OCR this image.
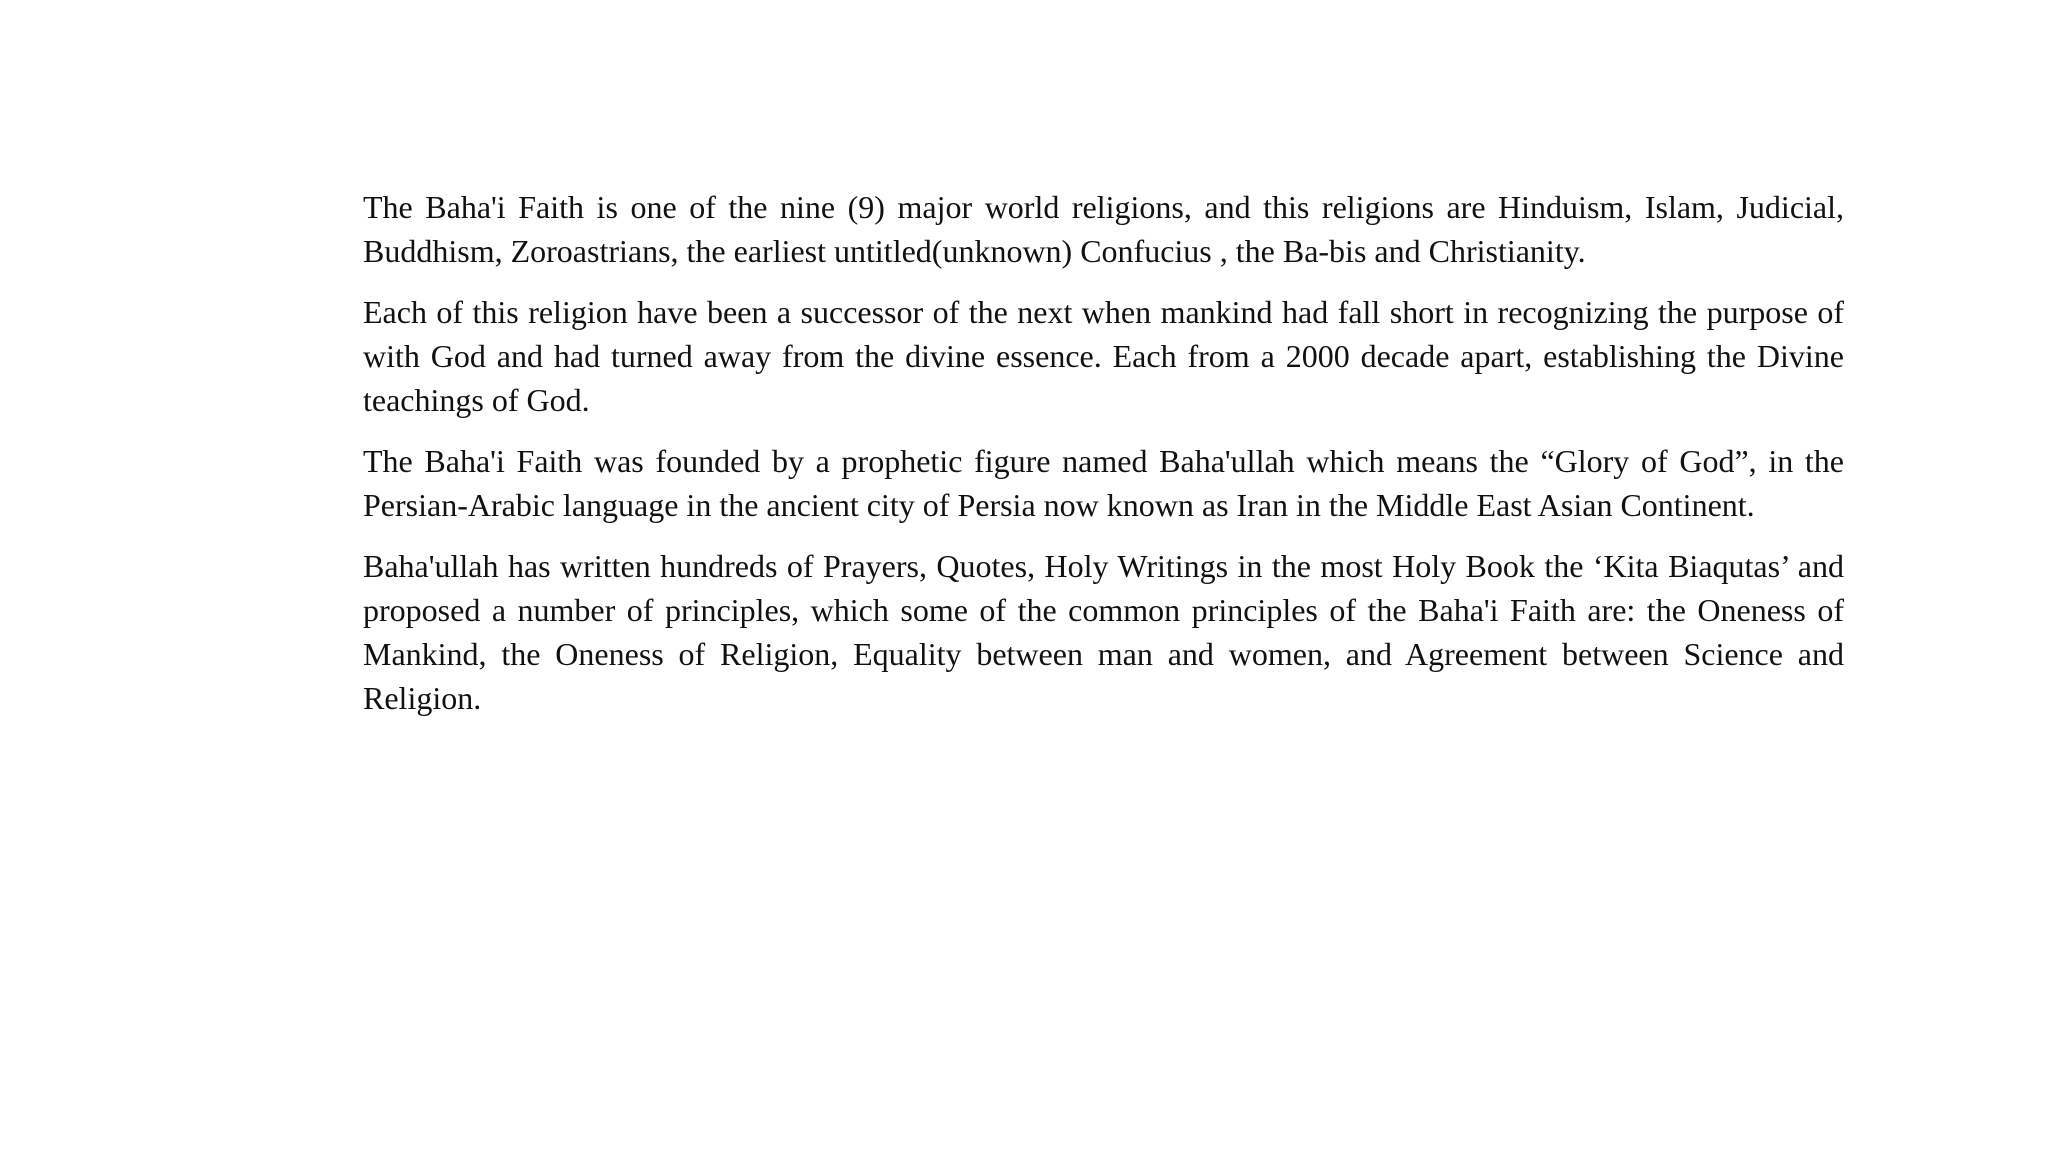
The Baha'i Faith is one of the nine (9) major world religions, and this religions are Hinduism, Islam, Judicial, Buddhism, Zoroastrians, the earliest untitled(unknown) Confucius , the Ba-bis and Christianity.

Each of this religion have been a successor of the next when mankind had fall short in recognizing the purpose of with God and had turned away from the divine essence. Each from a 2000 decade apart, establishing the Divine teachings of God.

The Baha'i Faith was founded by a prophetic figure named Baha'ullah which means the “Glory of God”, in the Persian-Arabic language in the ancient city of Persia now known as Iran in the Middle East Asian Continent.

Baha'ullah has written hundreds of Prayers, Quotes, Holy Writings in the most Holy Book the ‘Kita Biaqutas’ and proposed a number of principles, which some of the common principles of the Baha'i Faith are: the Oneness of Mankind, the Oneness of Religion, Equality between man and women, and Agreement between Science and Religion.
